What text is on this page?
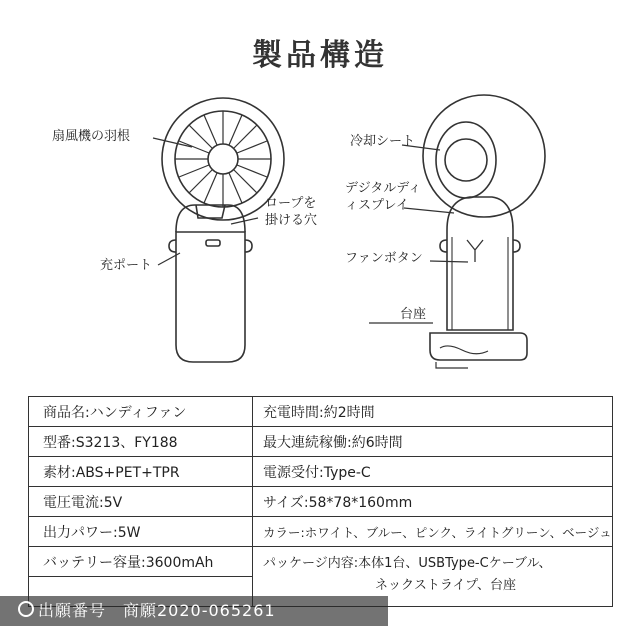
製品構造
扇風機の羽根
ロープを
掛ける穴
充ポート
冷却シート
デジタルディ
ィスプレイ
ファンボタン
台座
商品名:ハンディファン	充電時間:約2時間
型番:S3213、FY188	最大連続稼働:約6時間
素材:ABS+PET+TPR	電源受付:Type-C
電圧電流:5V	サイズ:58*78*160mm
出力パワー:5W	カラー:ホワイト、ブルー、ピンク、ライトグリーン、ベージュ
バッテリー容量:3600mAh	パッケージ内容:本体1台、USBType-Cケーブル、
ネックストライプ、台座

出願番号　商願2020-065261
